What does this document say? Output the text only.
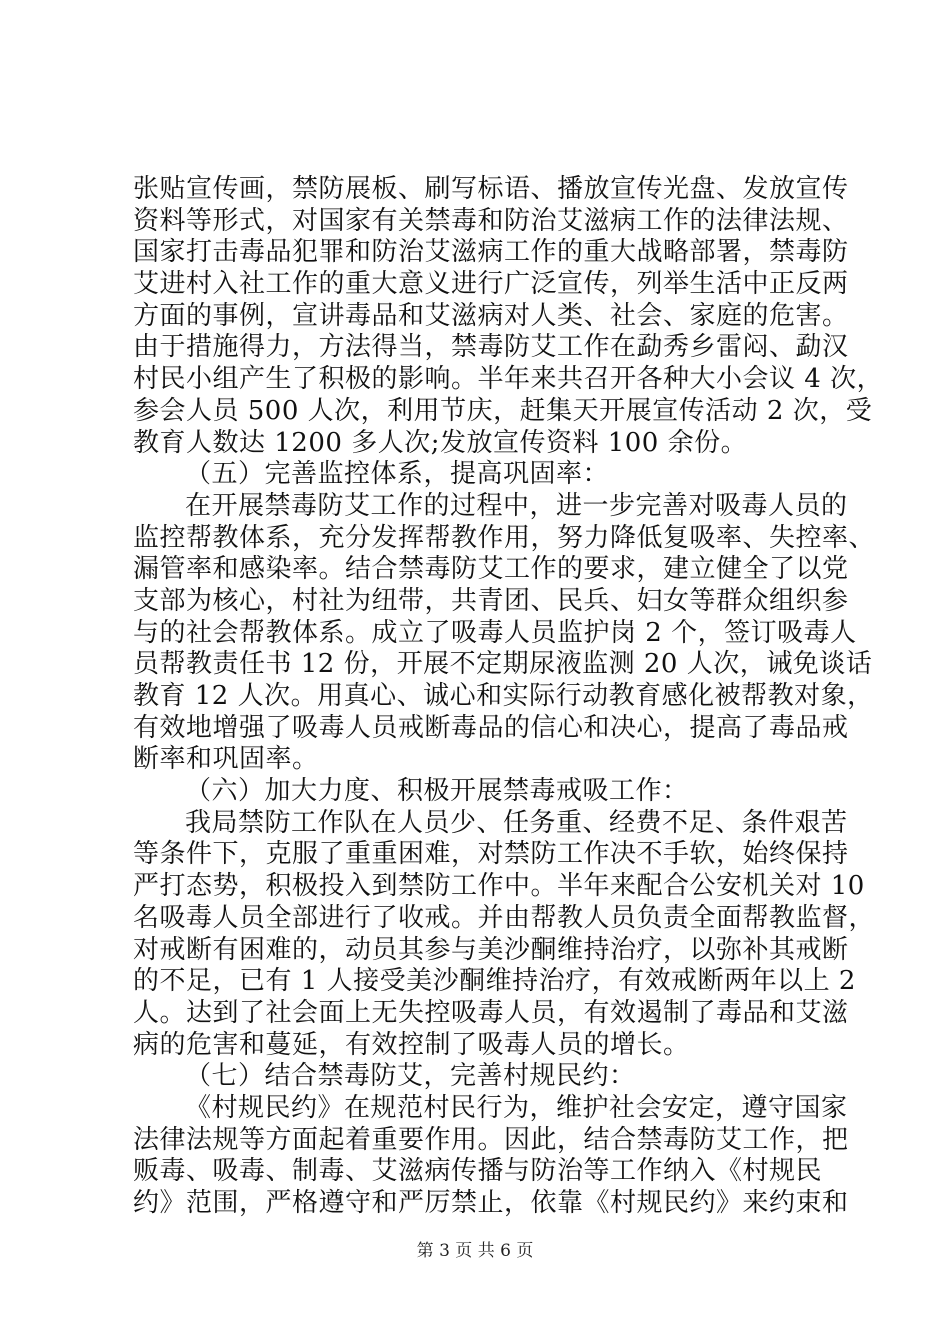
张贴宣传画，禁防展板、刷写标语、播放宣传光盘、发放宣传
资料等形式，对国家有关禁毒和防治艾滋病工作的法律法规、
国家打击毒品犯罪和防治艾滋病工作的重大战略部署，禁毒防
艾进村入社工作的重大意义进行广泛宣传，列举生活中正反两
方面的事例，宣讲毒品和艾滋病对人类、社会、家庭的危害。
由于措施得力，方法得当，禁毒防艾工作在勐秀乡雷闷、勐汉
村民小组产生了积极的影响。半年来共召开各种大小会议 4 次，
参会人员 500 人次，利用节庆，赶集天开展宣传活动 2 次，受
教育人数达 1200 多人次;发放宣传资料 100 余份。
（五）完善监控体系，提高巩固率：
在开展禁毒防艾工作的过程中，进一步完善对吸毒人员的
监控帮教体系，充分发挥帮教作用，努力降低复吸率、失控率、
漏管率和感染率。结合禁毒防艾工作的要求，建立健全了以党
支部为核心，村社为纽带，共青团、民兵、妇女等群众组织参
与的社会帮教体系。成立了吸毒人员监护岗 2 个，签订吸毒人
员帮教责任书 12 份，开展不定期尿液监测 20 人次，诫免谈话
教育 12 人次。用真心、诚心和实际行动教育感化被帮教对象，
有效地增强了吸毒人员戒断毒品的信心和决心，提高了毒品戒
断率和巩固率。
（六）加大力度、积极开展禁毒戒吸工作：
我局禁防工作队在人员少、任务重、经费不足、条件艰苦
等条件下，克服了重重困难，对禁防工作决不手软，始终保持
严打态势，积极投入到禁防工作中。半年来配合公安机关对 10
名吸毒人员全部进行了收戒。并由帮教人员负责全面帮教监督，
对戒断有困难的，动员其参与美沙酮维持治疗，以弥补其戒断
的不足，已有 1 人接受美沙酮维持治疗，有效戒断两年以上 2
人。达到了社会面上无失控吸毒人员，有效遏制了毒品和艾滋
病的危害和蔓延，有效控制了吸毒人员的增长。
（七）结合禁毒防艾，完善村规民约：
《村规民约》在规范村民行为，维护社会安定，遵守国家
法律法规等方面起着重要作用。因此，结合禁毒防艾工作，把
贩毒、吸毒、制毒、艾滋病传播与防治等工作纳入《村规民
约》范围，严格遵守和严厉禁止，依靠《村规民约》来约束和
第 3 页 共 6 页
